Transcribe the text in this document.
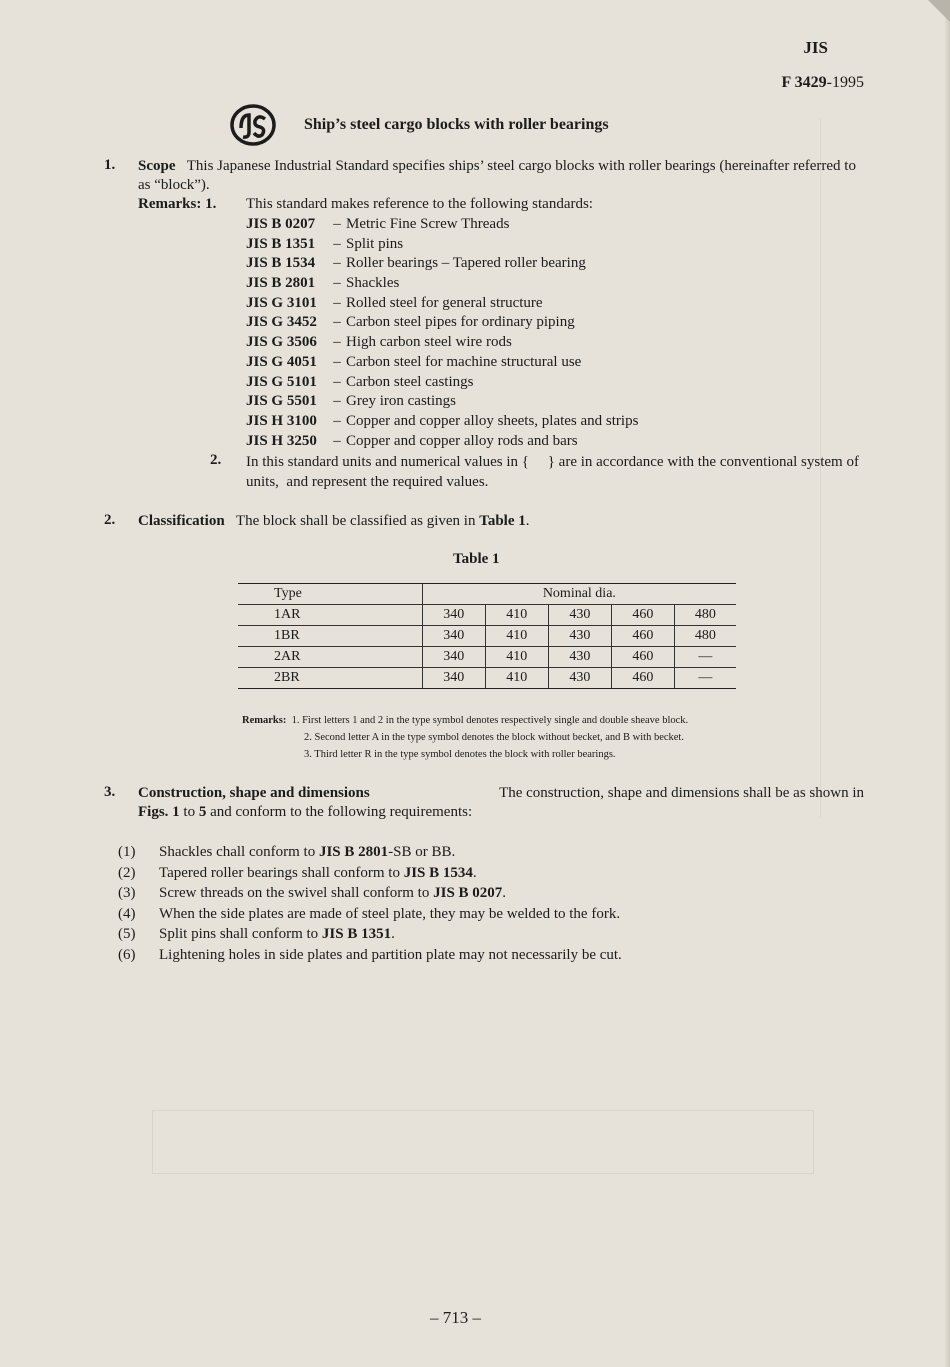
JIS
F 3429-1995
Ship’s steel cargo blocks with roller bearings
1. Scope This Japanese Industrial Standard specifies ships’ steel cargo blocks with roller bearings (hereinafter referred to as “block”).
Remarks: 1. This standard makes reference to the following standards:
JIS B 0207 – Metric Fine Screw Threads
JIS B 1351 – Split pins
JIS B 1534 – Roller bearings – Tapered roller bearing
JIS B 2801 – Shackles
JIS G 3101 – Rolled steel for general structure
JIS G 3452 – Carbon steel pipes for ordinary piping
JIS G 3506 – High carbon steel wire rods
JIS G 4051 – Carbon steel for machine structural use
JIS G 5101 – Carbon steel castings
JIS G 5501 – Grey iron castings
JIS H 3100 – Copper and copper alloy sheets, plates and strips
JIS H 3250 – Copper and copper alloy rods and bars
2. In this standard units and numerical values in {     } are in accordance with the conventional system of units,  and represent the required values.
2. Classification The block shall be classified as given in Table 1.
Table 1
Type	Nominal dia.				
1AR	340	410	430	460	480
1BR	340	410	430	460	480
2AR	340	410	430	460	—
2BR	340	410	430	460	—
Remarks: 1. First letters 1 and 2 in the type symbol denotes respectively single and double sheave block.
2. Second letter A in the type symbol denotes the block without becket, and B with becket.
3. Third letter R in the type symbol denotes the block with roller bearings.
3. Construction, shape and dimensions	The construction, shape and dimensions shall be as shown in
Figs. 1 to 5 and conform to the following requirements:
(1) Shackles chall conform to JIS B 2801-SB or BB.
(2) Tapered roller bearings shall conform to JIS B 1534.
(3) Screw threads on the swivel shall conform to JIS B 0207.
(4) When the side plates are made of steel plate, they may be welded to the fork.
(5) Split pins shall conform to JIS B 1351.
(6) Lightening holes in side plates and partition plate may not necessarily be cut.
– 713 –
